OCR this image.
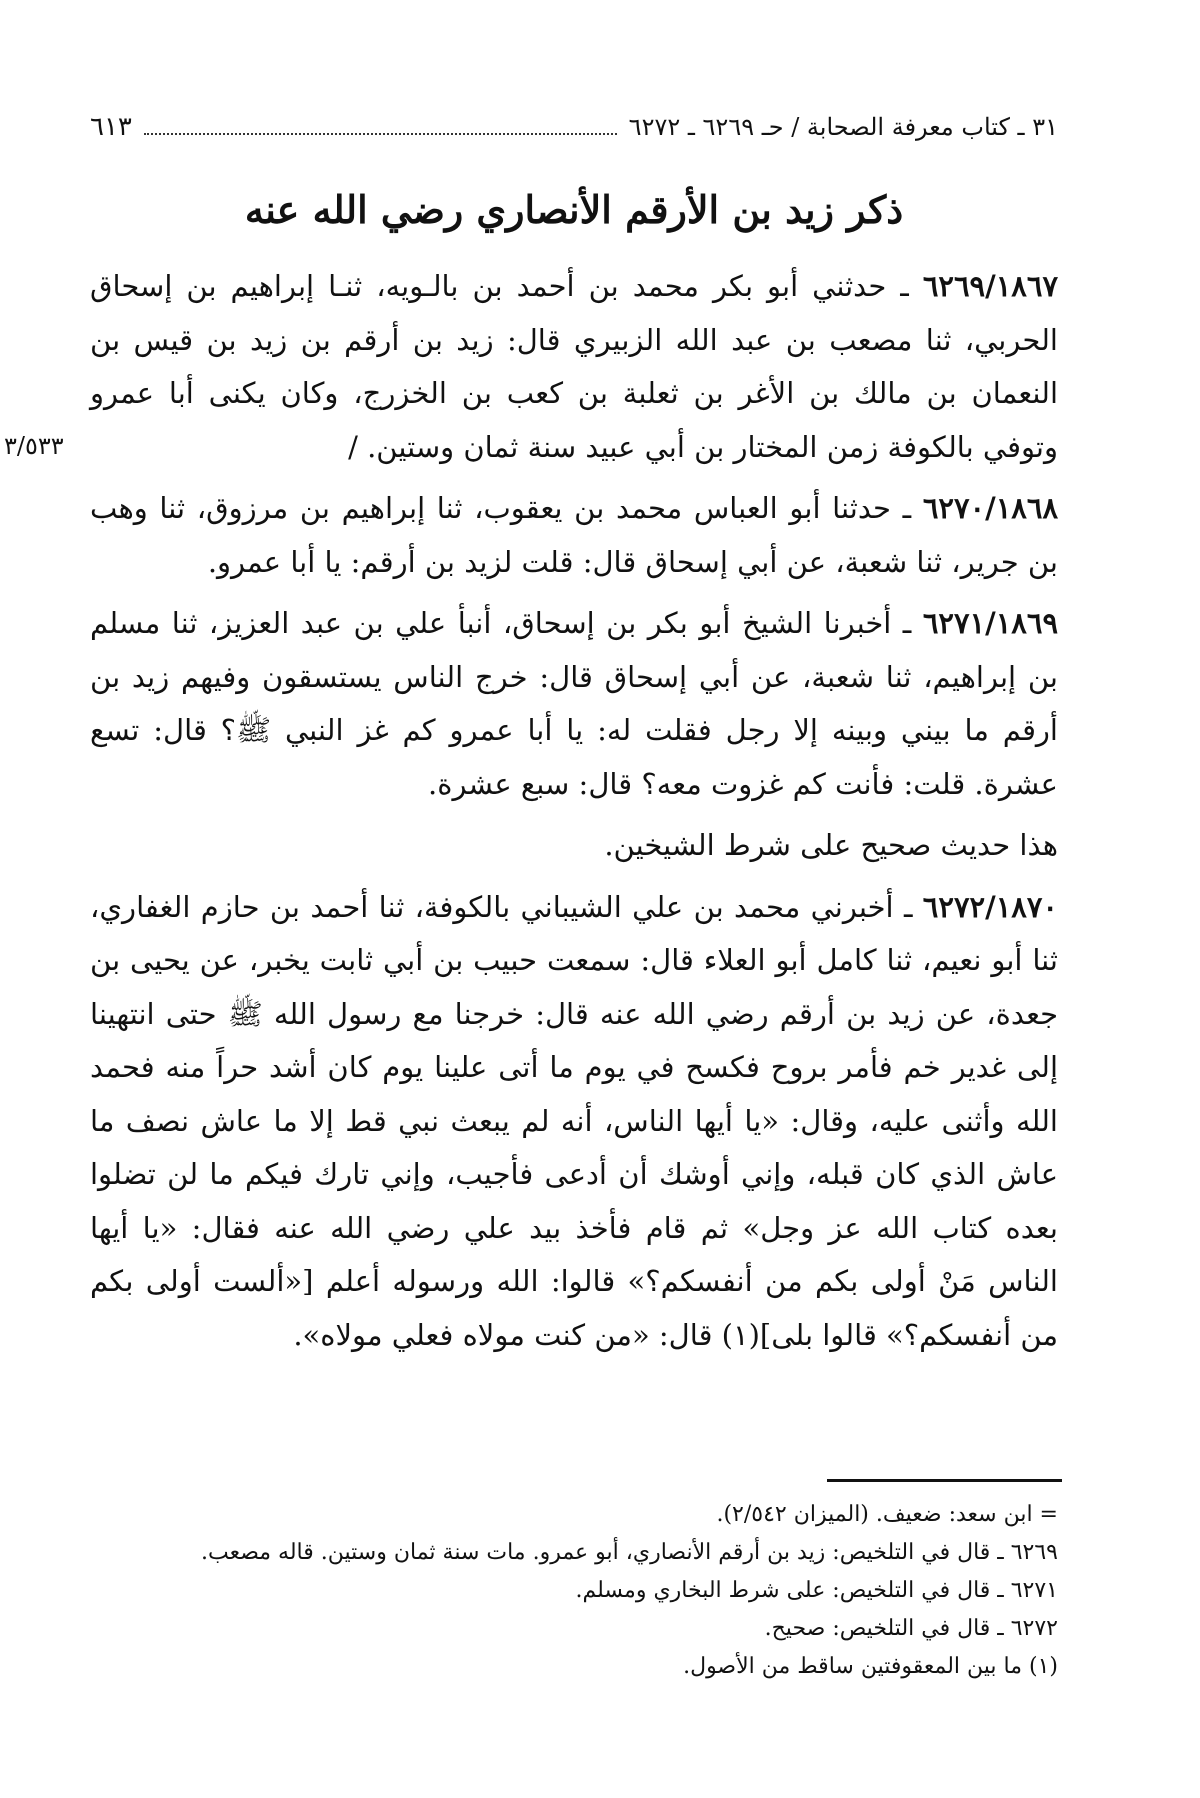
٣١ ـ كتاب معرفة الصحابة / حـ ٦٢٦٩ ـ ٦٢٧٢
٦١٣
ذكر زيد بن الأرقم الأنصاري رضي الله عنه
٣/٥٣٣

٦٢٦٩/١٨٦٧ ـ حدثني أبو بكر محمد بن أحمد بن بالـويه، ثنـا إبراهيم بن إسحاق الحربي، ثنا مصعب بن عبد الله الزبيري قال: زيد بن أرقم بن زيد بن قيس بن النعمان بن مالك بن الأغر بن ثعلبة بن كعب بن الخزرج، وكان يكنى أبا عمرو وتوفي بالكوفة زمن المختار بن أبي عبيد سنة ثمان وستين. /

٦٢٧٠/١٨٦٨ ـ حدثنا أبو العباس محمد بن يعقوب، ثنا إبراهيم بن مرزوق، ثنا وهب بن جرير، ثنا شعبة، عن أبي إسحاق قال: قلت لزيد بن أرقم: يا أبا عمرو.

٦٢٧١/١٨٦٩ ـ أخبرنا الشيخ أبو بكر بن إسحاق، أنبأ علي بن عبد العزيز، ثنا مسلم بن إبراهيم، ثنا شعبة، عن أبي إسحاق قال: خرج الناس يستسقون وفيهم زيد بن أرقم ما بيني وبينه إلا رجل فقلت له: يا أبا عمرو كم غز النبي ﷺ؟ قال: تسع عشرة. قلت: فأنت كم غزوت معه؟ قال: سبع عشرة.

هذا حديث صحيح على شرط الشيخين.

٦٢٧٢/١٨٧٠ ـ أخبرني محمد بن علي الشيباني بالكوفة، ثنا أحمد بن حازم الغفاري، ثنا أبو نعيم، ثنا كامل أبو العلاء قال: سمعت حبيب بن أبي ثابت يخبر، عن يحيى بن جعدة، عن زيد بن أرقم رضي الله عنه قال: خرجنا مع رسول الله ﷺ حتى انتهينا إلى غدير خم فأمر بروح فكسح في يوم ما أتى علينا يوم كان أشد حراً منه فحمد الله وأثنى عليه، وقال: «يا أيها الناس، أنه لم يبعث نبي قط إلا ما عاش نصف ما عاش الذي كان قبله، وإني أوشك أن أدعى فأجيب، وإني تارك فيكم ما لن تضلوا بعده كتاب الله عز وجل» ثم قام فأخذ بيد علي رضي الله عنه فقال: «يا أيها الناس مَنْ أولى بكم من أنفسكم؟» قالوا: الله ورسوله أعلم [«ألست أولى بكم من أنفسكم؟» قالوا بلى](١) قال: «من كنت مولاه فعلي مولاه».

= ابن سعد: ضعيف. (الميزان ٢/٥٤٢).

٦٢٦٩ ـ قال في التلخيص: زيد بن أرقم الأنصاري، أبو عمرو. مات سنة ثمان وستين. قاله مصعب.

٦٢٧١ ـ قال في التلخيص: على شرط البخاري ومسلم.

٦٢٧٢ ـ قال في التلخيص: صحيح.

(١) ما بين المعقوفتين ساقط من الأصول.
